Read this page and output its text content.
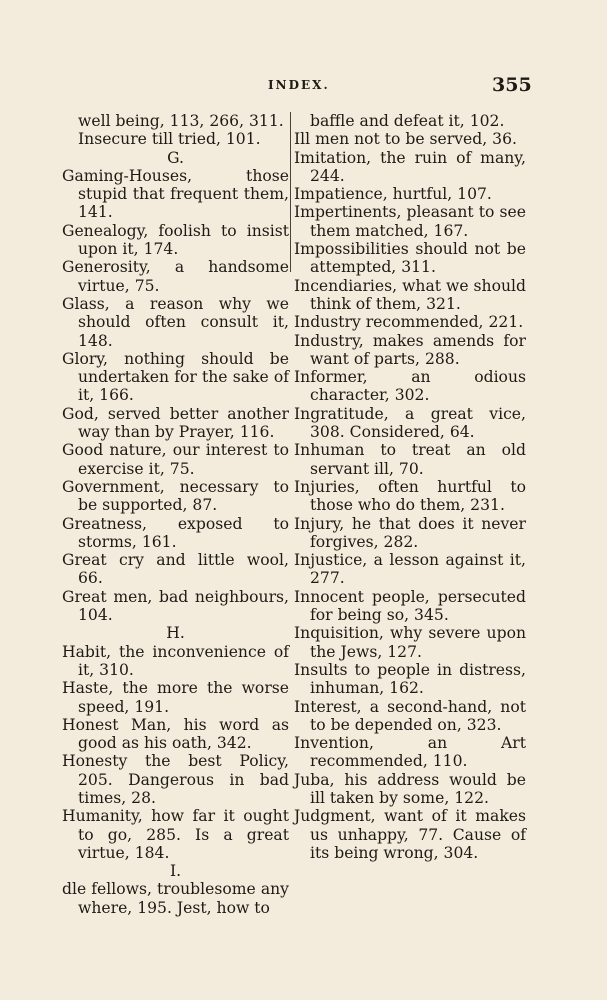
INDEX.	355

well being, 113, 266, 311.

Insecure till tried, 101.

G.

Gaming-Houses, those stupid that frequent them, 141.

Genealogy, foolish to insist upon it, 174.

Generosity, a handsome virtue, 75.

Glass, a reason why we should often consult it, 148.

Glory, nothing should be undertaken for the sake of it, 166.

God, served better another way than by Prayer, 116.

Good nature, our interest to exercise it, 75.

Government, necessary to be supported, 87.

Greatness, exposed to storms, 161.

Great cry and little wool, 66.

Great men, bad neighbours, 104.

H.

Habit, the inconvenience of it, 310.

Haste, the more the worse speed, 191.

Honest Man, his word as good as his oath, 342.

Honesty the best Policy, 205. Dangerous in bad times, 28.

Humanity, how far it ought to go, 285. Is a great virtue, 184.

I.

dle fellows, troublesome any where, 195. Jest, how to

baffle and defeat it, 102.

Ill men not to be served, 36.

Imitation, the ruin of many, 244.

Impatience, hurtful, 107.

Impertinents, pleasant to see them matched, 167.

Impossibilities should not be attempted, 311.

Incendiaries, what we should think of them, 321.

Industry recommended, 221.

Industry, makes amends for want of parts, 288.

Informer, an odious character, 302.

Ingratitude, a great vice, 308. Considered, 64.

Inhuman to treat an old servant ill, 70.

Injuries, often hurtful to those who do them, 231.

Injury, he that does it never forgives, 282.

Injustice, a lesson against it, 277.

Innocent people, persecuted for being so, 345.

Inquisition, why severe upon the Jews, 127.

Insults to people in distress, inhuman, 162.

Interest, a second-hand, not to be depended on, 323.

Invention, an Art recommended, 110.

Juba, his address would be ill taken by some, 122.

Judgment, want of it makes us unhappy, 77. Cause of its being wrong, 304.
